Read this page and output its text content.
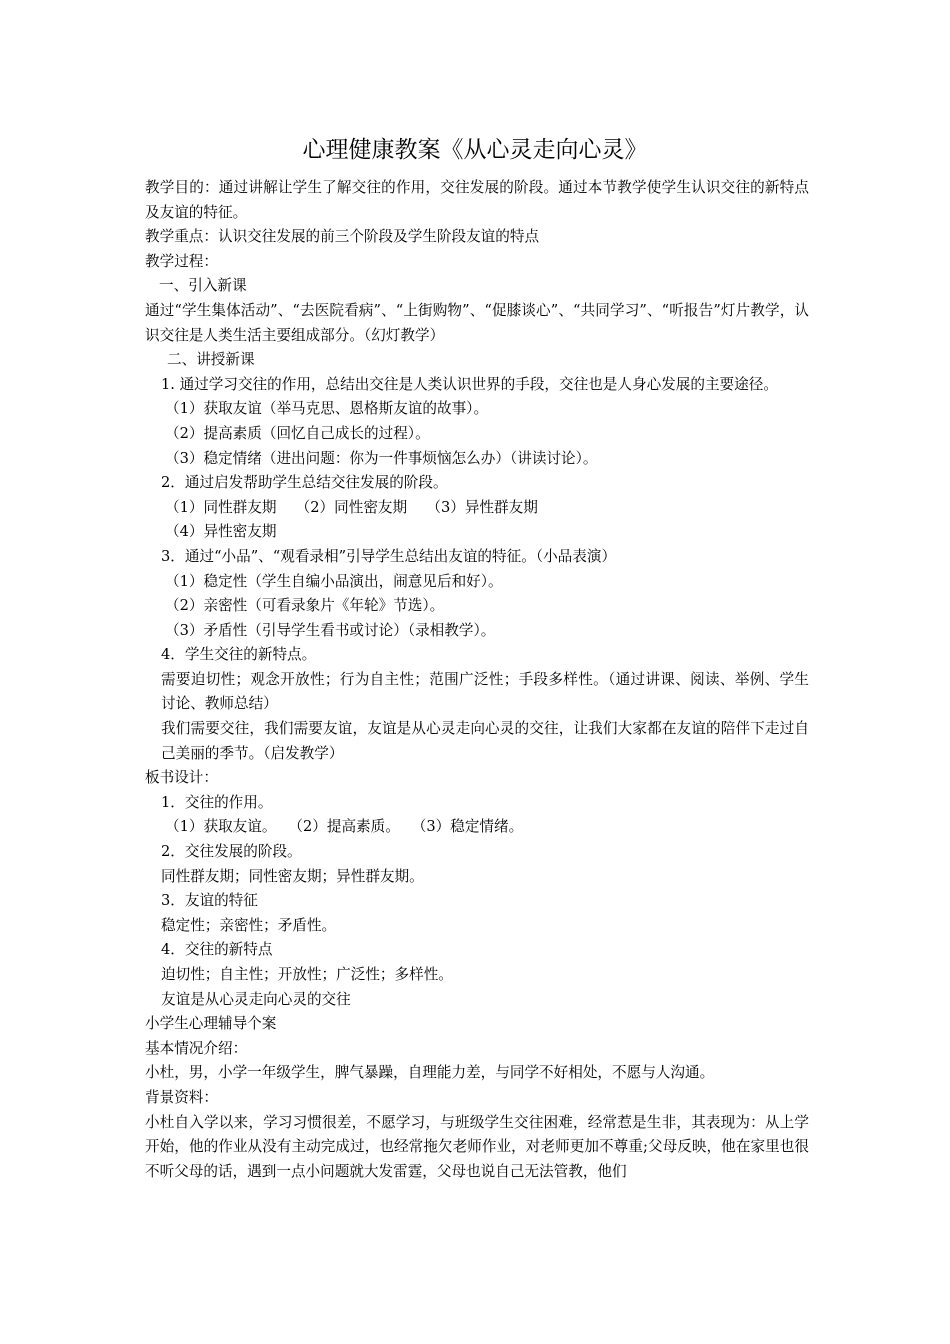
心理健康教案《从心灵走向心灵》

教学目的：通过讲解让学生了解交往的作用，交往发展的阶段。通过本节教学使学生认识交往的新特点及友谊的特征。

教学重点：认识交往发展的前三个阶段及学生阶段友谊的特点

教学过程：

一、引入新课

通过“学生集体活动”、“去医院看病”、“上街购物”、“促膝谈心”、“共同学习”、“听报告”灯片教学，认识交往是人类生活主要组成部分。（幻灯教学）

二、讲授新课

1. 通过学习交往的作用，总结出交往是人类认识世界的手段，交往也是人身心发展的主要途径。

（1）获取友谊（举马克思、恩格斯友谊的故事）。

（2）提高素质（回忆自己成长的过程）。

（3）稳定情绪（进出问题：你为一件事烦恼怎么办）（讲读讨论）。

2．通过启发帮助学生总结交往发展的阶段。

（1）同性群友期　 （2）同性密友期　 （3）异性群友期

（4）异性密友期

3．通过“小品”、“观看录相”引导学生总结出友谊的特征。（小品表演）

（1）稳定性（学生自编小品演出，闹意见后和好）。

（2）亲密性（可看录象片《年轮》节选）。

（3）矛盾性（引导学生看书或讨论）（录相教学）。

4．学生交往的新特点。

需要迫切性；观念开放性；行为自主性；范围广泛性；手段多样性。（通过讲课、阅读、举例、学生讨论、教师总结）

我们需要交往，我们需要友谊，友谊是从心灵走向心灵的交往，让我们大家都在友谊的陪伴下走过自己美丽的季节。（启发教学）

板书设计：

1．交往的作用。

（1）获取友谊。　 （2）提高素质。　 （3）稳定情绪。

2．交往发展的阶段。

同性群友期；同性密友期；异性群友期。

3．友谊的特征

稳定性；亲密性；矛盾性。

4．交往的新特点

迫切性；自主性；开放性；广泛性；多样性。

友谊是从心灵走向心灵的交往

小学生心理辅导个案

基本情况介绍：

小杜，男，小学一年级学生，脾气暴躁，自理能力差，与同学不好相处，不愿与人沟通。

背景资料：

小杜自入学以来，学习习惯很差，不愿学习，与班级学生交往困难，经常惹是生非，其表现为：从上学开始，他的作业从没有主动完成过，也经常拖欠老师作业，对老师更加不尊重;父母反映，他在家里也很不听父母的话，遇到一点小问题就大发雷霆，父母也说自己无法管教，他们
